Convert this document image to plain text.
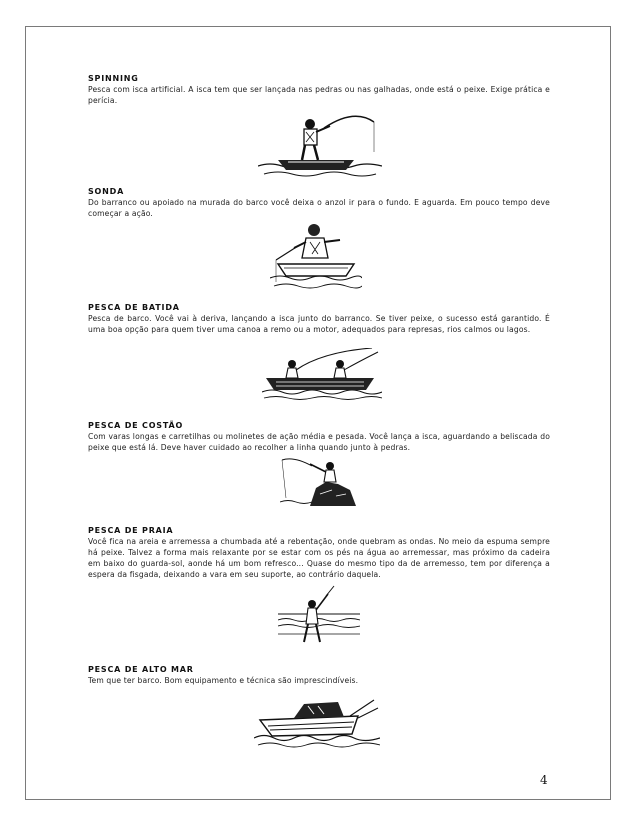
SPINNING

Pesca com isca artificial. A isca tem que ser lançada nas pedras ou nas galhadas, onde está o peixe. Exige prática e perícia.

SONDA

Do barranco ou apoiado na murada do barco você deixa o anzol ir para o fundo. E aguarda. Em pouco tempo deve começar a ação.

PESCA DE BATIDA

Pesca de barco. Você vai à deriva, lançando a isca junto do barranco. Se tiver peixe, o sucesso está garantido. É uma boa opção para quem tiver uma canoa a remo ou a motor, adequados para represas, rios calmos ou lagos.

PESCA DE COSTÃO

Com varas longas e carretilhas ou molinetes de ação média e pesada. Você lança a isca, aguardando a beliscada do peixe que está lá. Deve haver cuidado ao recolher a linha quando junto à pedras.

PESCA DE PRAIA

Você fica na areia e arremessa a chumbada até a rebentação, onde quebram as ondas. No meio da espuma sempre há peixe. Talvez a forma mais relaxante por se estar com os pés na água ao arremessar, mas próximo da cadeira em baixo do guarda-sol, aonde há um bom refresco... Quase do mesmo tipo da de arremesso, tem por diferença a espera da fisgada, deixando a vara em seu suporte, ao contrário daquela.

PESCA DE ALTO MAR

Tem que ter barco. Bom equipamento e técnica são imprescindíveis.

4
